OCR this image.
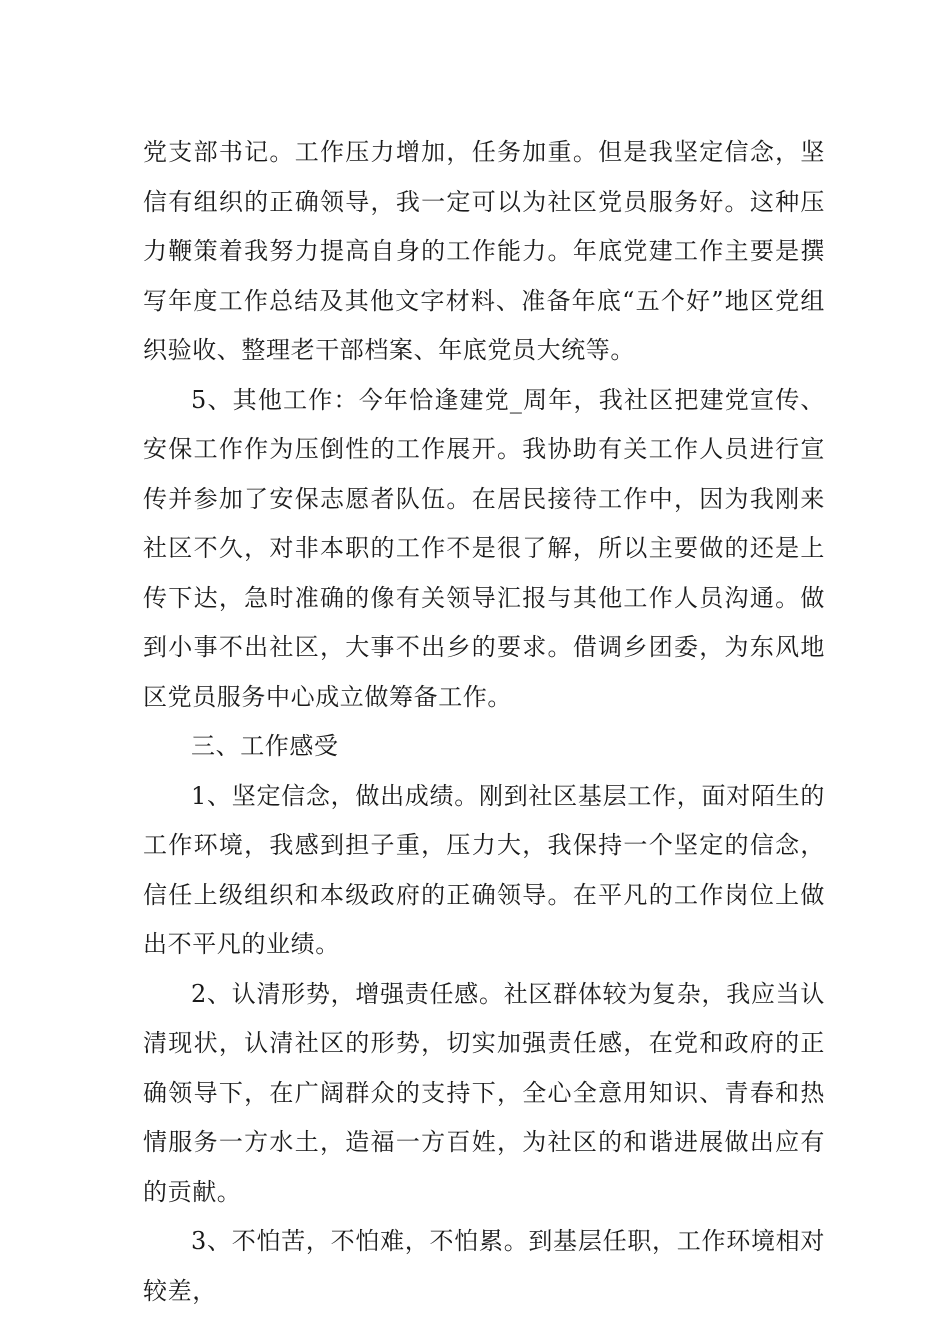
党支部书记。工作压力增加，任务加重。但是我坚定信念，坚信有组织的正确领导，我一定可以为社区党员服务好。这种压力鞭策着我努力提高自身的工作能力。年底党建工作主要是撰写年度工作总结及其他文字材料、准备年底“五个好”地区党组织验收、整理老干部档案、年底党员大统等。

5、其他工作：今年恰逢建党_周年，我社区把建党宣传、安保工作作为压倒性的工作展开。我协助有关工作人员进行宣传并参加了安保志愿者队伍。在居民接待工作中，因为我刚来社区不久，对非本职的工作不是很了解，所以主要做的还是上传下达，急时准确的像有关领导汇报与其他工作人员沟通。做到小事不出社区，大事不出乡的要求。借调乡团委，为东风地区党员服务中心成立做筹备工作。

三、工作感受

1、坚定信念，做出成绩。刚到社区基层工作，面对陌生的工作环境，我感到担子重，压力大，我保持一个坚定的信念，信任上级组织和本级政府的正确领导。在平凡的工作岗位上做出不平凡的业绩。

2、认清形势，增强责任感。社区群体较为复杂，我应当认清现状，认清社区的形势，切实加强责任感，在党和政府的正确领导下，在广阔群众的支持下，全心全意用知识、青春和热情服务一方水土，造福一方百姓，为社区的和谐进展做出应有的贡献。

3、不怕苦，不怕难，不怕累。到基层任职，工作环境相对较差，
